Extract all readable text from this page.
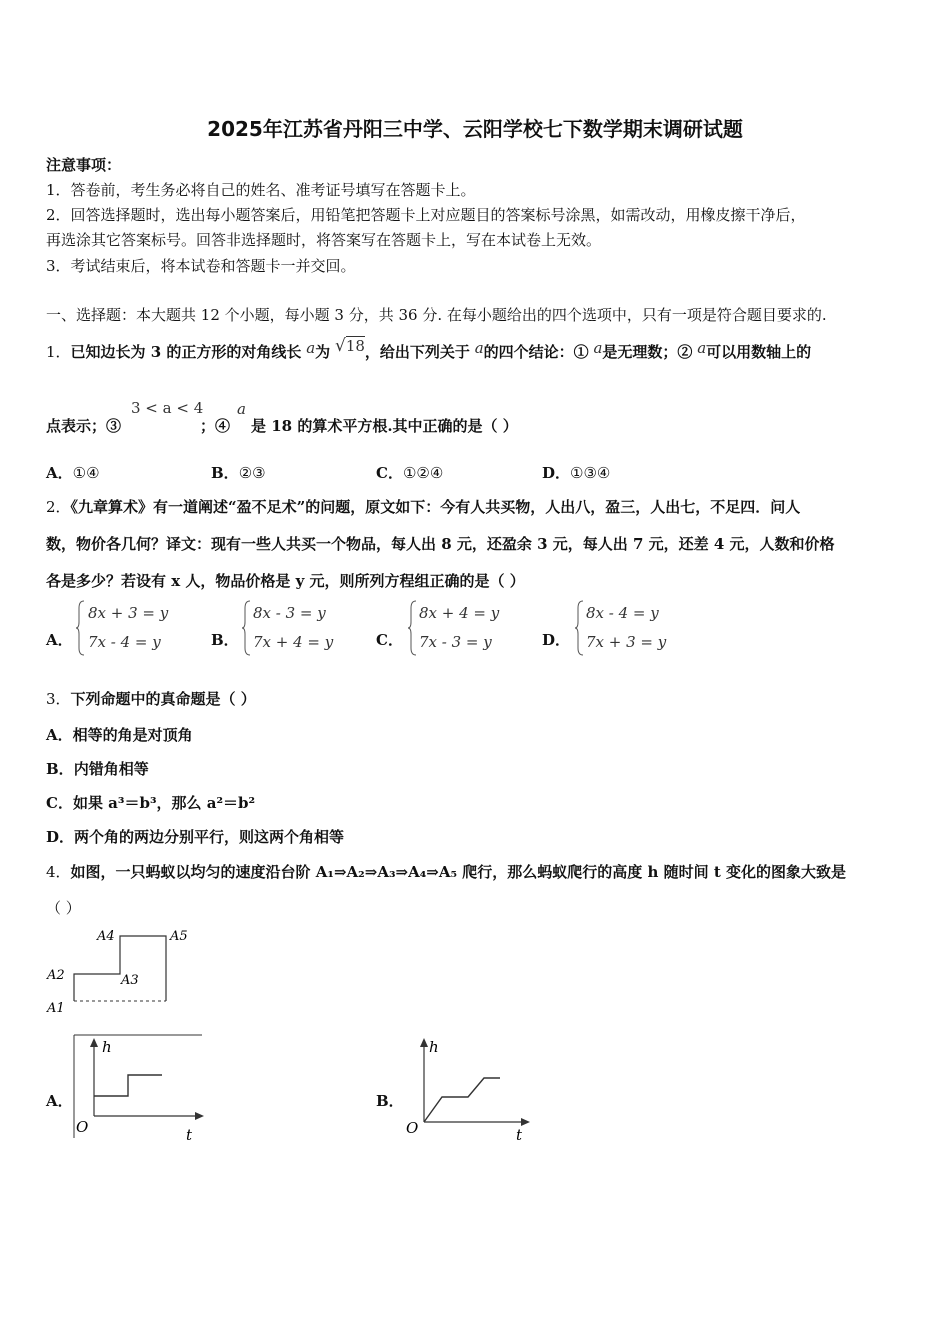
2025年江苏省丹阳三中学、云阳学校七下数学期末调研试题
注意事项：
1．答卷前，考生务必将自己的姓名、准考证号填写在答题卡上。
2．回答选择题时，选出每小题答案后，用铅笔把答题卡上对应题目的答案标号涂黑，如需改动，用橡皮擦干净后，
再选涂其它答案标号。回答非选择题时，将答案写在答题卡上，写在本试卷上无效。
3．考试结束后，将本试卷和答题卡一并交回。
一、选择题：本大题共 12 个小题，每小题 3 分，共 36 分. 在每小题给出的四个选项中，只有一项是符合题目要求的.
1．已知边长为 3 的正方形的对角线长 a为 √18，给出下列关于 a的四个结论：① a是无理数；② a可以用数轴上的
点表示；③
3 < a < 4
；④
a
是 18 的算术平方根.其中正确的是（ ）
A．①④	B．②③	C．①②④	D．①③④
2．《九章算术》有一道阐述“盈不足术”的问题，原文如下：今有人共买物，人出八，盈三，人出七，不足四．问人
数，物价各几何？译文：现有一些人共买一个物品，每人出 8 元，还盈余 3 元，每人出 7 元，还差 4 元，人数和价格
各是多少？若设有 x 人，物品价格是 y 元，则所列方程组正确的是（ ）
A．
8x + 3 = y
7x - 4 = y	B．
8x - 3 = y
7x + 4 = y	C．
8x + 4 = y
7x - 3 = y	D．
8x - 4 = y
7x + 3 = y
3．下列命题中的真命题是（ ）
A．相等的角是对顶角
B．内错角相等
C．如果 a³＝b³，那么 a²＝b²
D．两个角的两边分别平行，则这两个角相等
4．如图，一只蚂蚁以均匀的速度沿台阶 A₁⇒A₂⇒A₃⇒A₄⇒A₅ 爬行，那么蚂蚁爬行的高度 h 随时间 t 变化的图象大致是
（ ）
A2
A1
A3
A4	A5
A．
h
O	t
B．
h
O	t
